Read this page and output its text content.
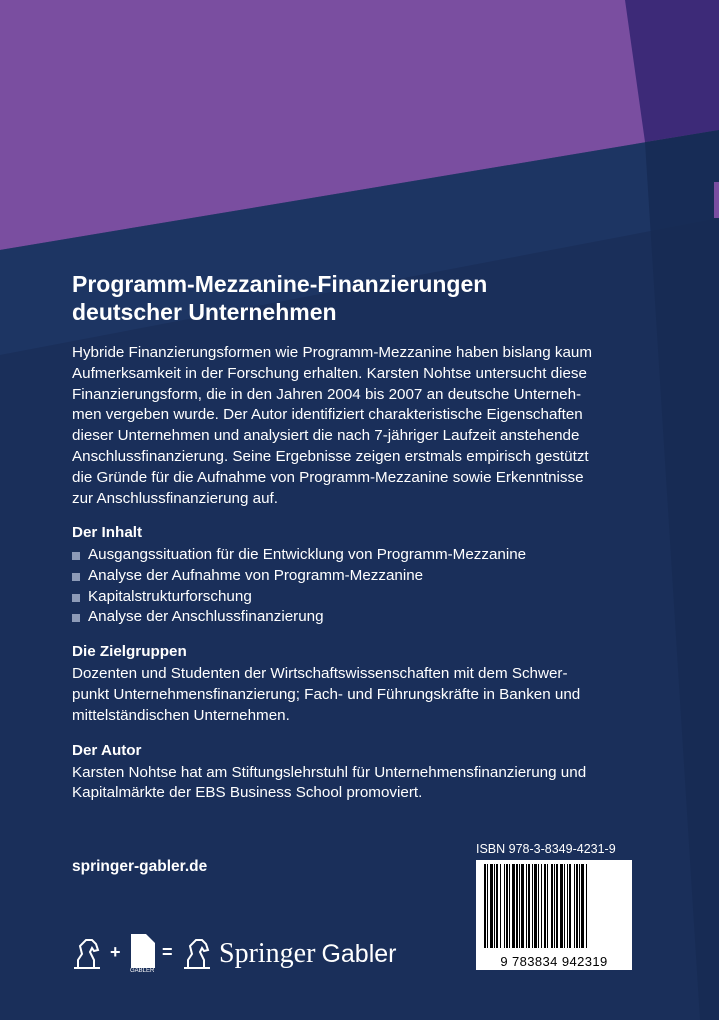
Programm-Mezzanine-Finanzierungen
deutscher Unternehmen
Hybride Finanzierungsformen wie Programm-Mezzanine haben bislang kaum
Aufmerksamkeit in der Forschung erhalten. Karsten Nohtse untersucht diese
Finanzierungsform, die in den Jahren 2004 bis 2007 an deutsche Unterneh-
men vergeben wurde. Der Autor identifiziert charakteristische Eigenschaften
dieser Unternehmen und analysiert die nach 7-jähriger Laufzeit anstehende
Anschlussfinanzierung. Seine Ergebnisse zeigen erstmals empirisch gestützt
die Gründe für die Aufnahme von Programm-Mezzanine sowie Erkenntnisse
zur Anschlussfinanzierung auf.
Der Inhalt
Ausgangssituation für die Entwicklung von Programm-Mezzanine
Analyse der Aufnahme von Programm-Mezzanine
Kapitalstrukturforschung
Analyse der Anschlussfinanzierung
Die Zielgruppen

Dozenten und Studenten der Wirtschaftswissenschaften mit dem Schwer-
punkt Unternehmensfinanzierung; Fach- und Führungskräfte in Banken und
mittelständischen Unternehmen.

Der Autor

Karsten Nohtse hat am Stiftungslehrstuhl für Unternehmensfinanzierung und
Kapitalmärkte der EBS Business School promoviert.

springer-gabler.de
ISBN 978-3-8349-4231-9
9 783834 942319
+
GABLER
= Springer Gabler
